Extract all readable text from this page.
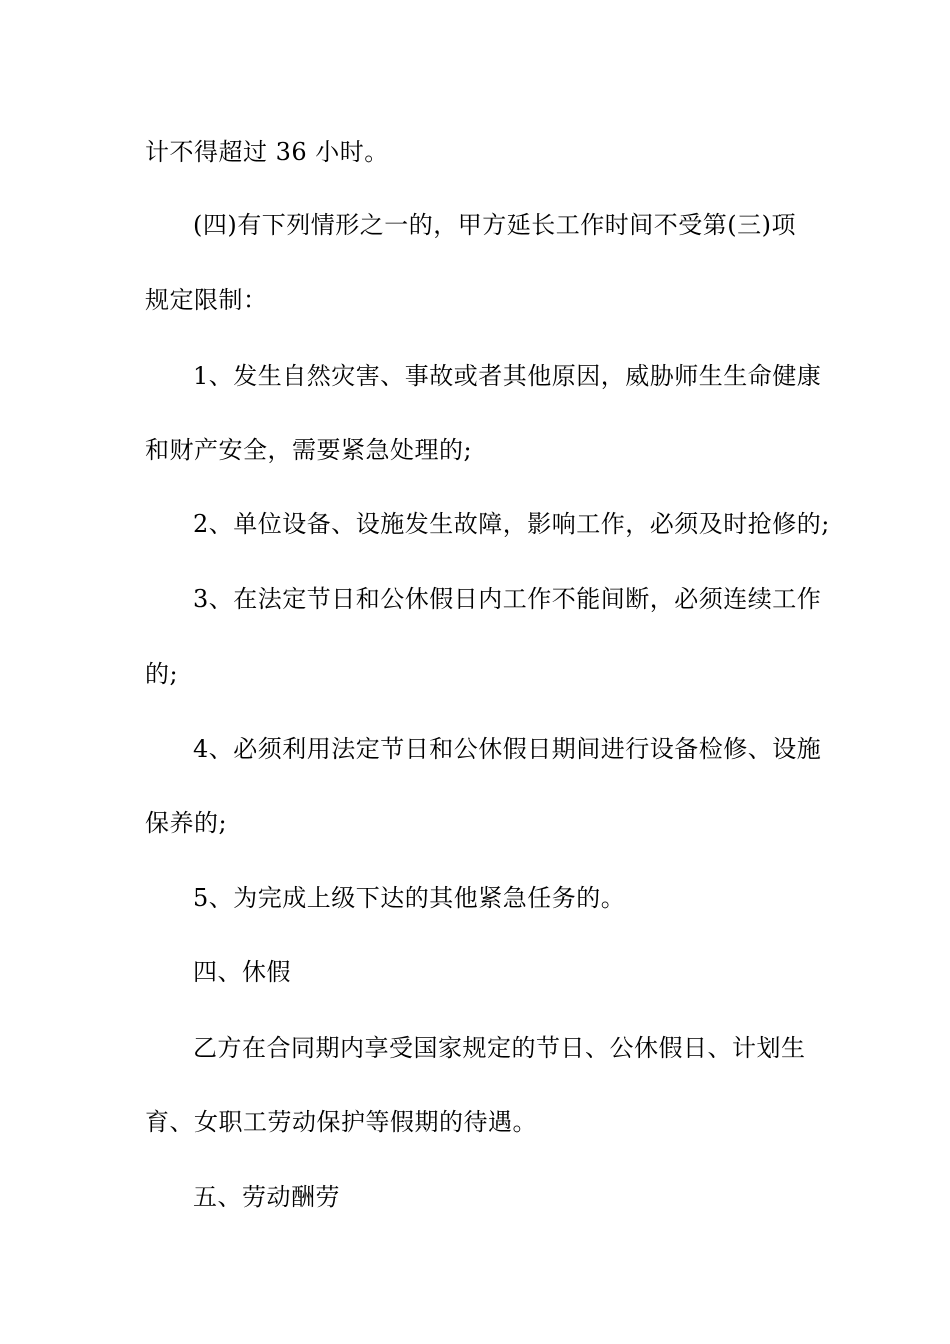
计不得超过 36 小时。
(四)有下列情形之一的，甲方延长工作时间不受第(三)项
规定限制：
1、发生自然灾害、事故或者其他原因，威胁师生生命健康
和财产安全，需要紧急处理的;
2、单位设备、设施发生故障，影响工作，必须及时抢修的;
3、在法定节日和公休假日内工作不能间断，必须连续工作
的;
4、必须利用法定节日和公休假日期间进行设备检修、设施
保养的;
5、为完成上级下达的其他紧急任务的。
四、休假
乙方在合同期内享受国家规定的节日、公休假日、计划生
育、女职工劳动保护等假期的待遇。
五、劳动酬劳
